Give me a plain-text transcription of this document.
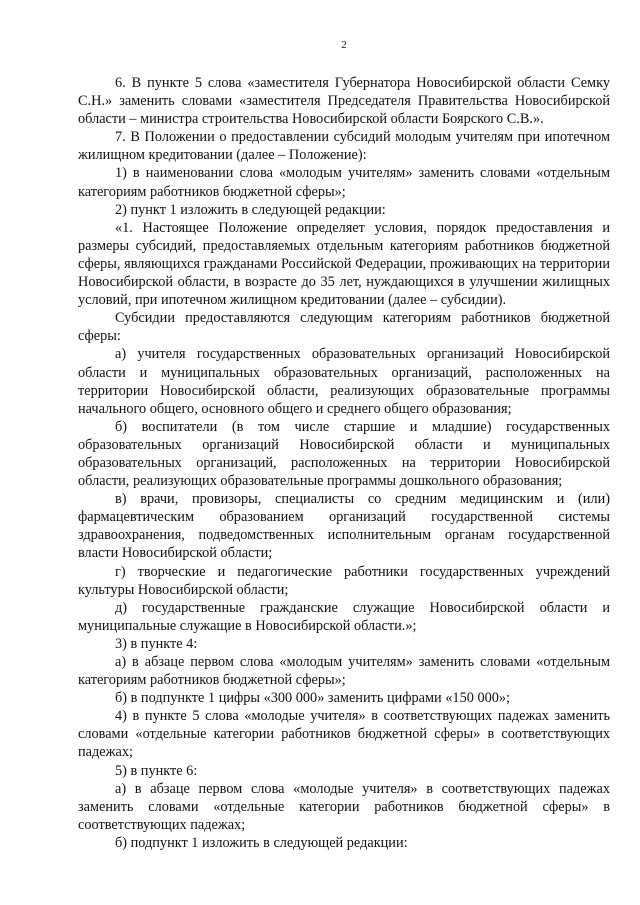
2

6. В пункте 5 слова «заместителя Губернатора Новосибирской области Семку С.Н.» заменить словами «заместителя Председателя Правительства Новосибирской области – министра строительства Новосибирской области Боярского С.В.».

7. В Положении о предоставлении субсидий молодым учителям при ипотечном жилищном кредитовании (далее – Положение):

1) в наименовании слова «молодым учителям» заменить словами «отдельным категориям работников бюджетной сферы»;

2) пункт 1 изложить в следующей редакции:

«1. Настоящее Положение определяет условия, порядок предоставления и размеры субсидий, предоставляемых отдельным категориям работников бюджетной сферы, являющихся гражданами Российской Федерации, проживающих на территории Новосибирской области, в возрасте до 35 лет, нуждающихся в улучшении жилищных условий, при ипотечном жилищном кредитовании (далее – субсидии).

Субсидии предоставляются следующим категориям работников бюджетной сферы:

а) учителя государственных образовательных организаций Новосибирской области и муниципальных образовательных организаций, расположенных на территории Новосибирской области, реализующих образовательные программы начального общего, основного общего и среднего общего образования;

б) воспитатели (в том числе старшие и младшие) государственных образовательных организаций Новосибирской области и муниципальных образовательных организаций, расположенных на территории Новосибирской области, реализующих образовательные программы дошкольного образования;

в) врачи, провизоры, специалисты со средним медицинским и (или) фармацевтическим образованием организаций государственной системы здравоохранения, подведомственных исполнительным органам государственной власти Новосибирской области;

г) творческие и педагогические работники государственных учреждений культуры Новосибирской области;

д) государственные гражданские служащие Новосибирской области и муниципальные служащие в Новосибирской области.»;

3) в пункте 4:

а) в абзаце первом слова «молодым учителям» заменить словами «отдельным категориям работников бюджетной сферы»;

б) в подпункте 1 цифры «300 000» заменить цифрами «150 000»;

4) в пункте 5 слова «молодые учителя» в соответствующих падежах заменить словами «отдельные категории работников бюджетной сферы» в соответствующих падежах;

5) в пункте 6:

а) в абзаце первом слова «молодые учителя» в соответствующих падежах заменить словами «отдельные категории работников бюджетной сферы» в соответствующих падежах;

б) подпункт 1 изложить в следующей редакции:
